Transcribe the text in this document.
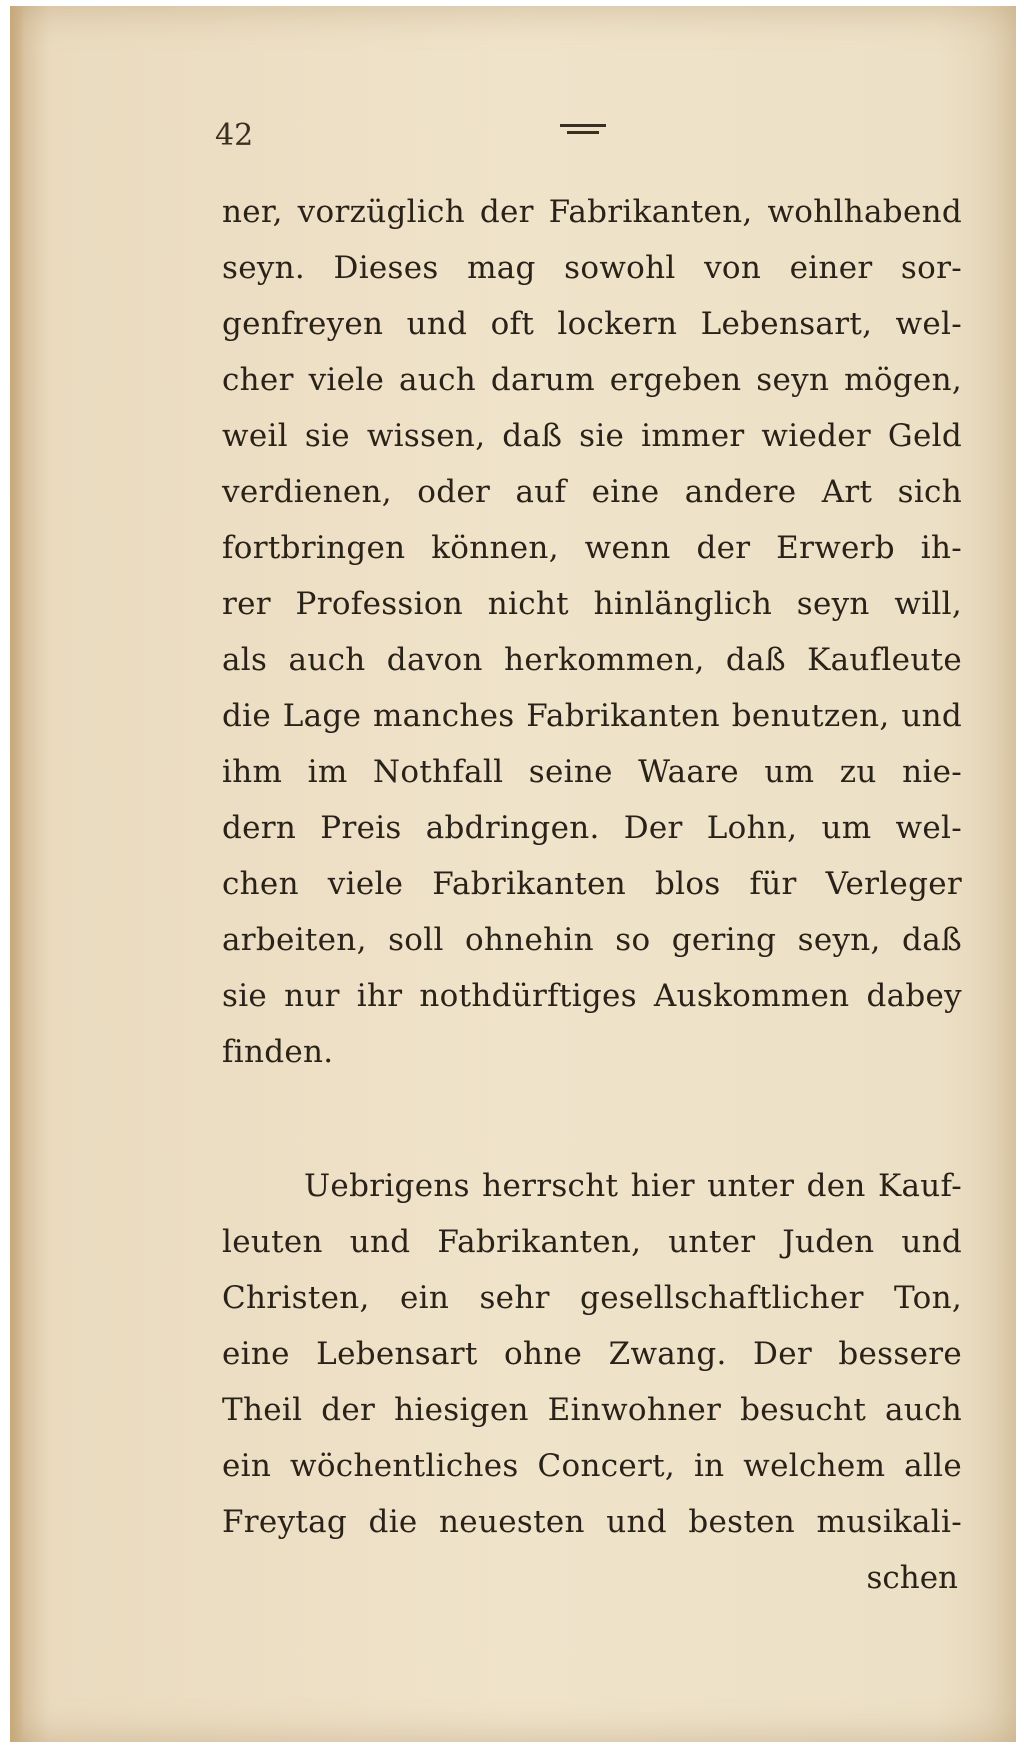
42
ner, vorzüglich der Fabrikanten, wohlhabend
seyn. Dieses mag sowohl von einer sor-
genfreyen und oft lockern Lebensart, wel-
cher viele auch darum ergeben seyn mögen,
weil sie wissen, daß sie immer wieder Geld
verdienen, oder auf eine andere Art sich
fortbringen können, wenn der Erwerb ih-
rer Profession nicht hinlänglich seyn will,
als auch davon herkommen, daß Kaufleute
die Lage manches Fabrikanten benutzen, und
ihm im Nothfall seine Waare um zu nie-
dern Preis abdringen. Der Lohn, um wel-
chen viele Fabrikanten blos für Verleger
arbeiten, soll ohnehin so gering seyn, daß
sie nur ihr nothdürftiges Auskommen dabey
finden.
Uebrigens herrscht hier unter den Kauf-
leuten und Fabrikanten, unter Juden und
Christen, ein sehr gesellschaftlicher Ton,
eine Lebensart ohne Zwang. Der bessere
Theil der hiesigen Einwohner besucht auch
ein wöchentliches Concert, in welchem alle
Freytag die neuesten und besten musikali-
schen
